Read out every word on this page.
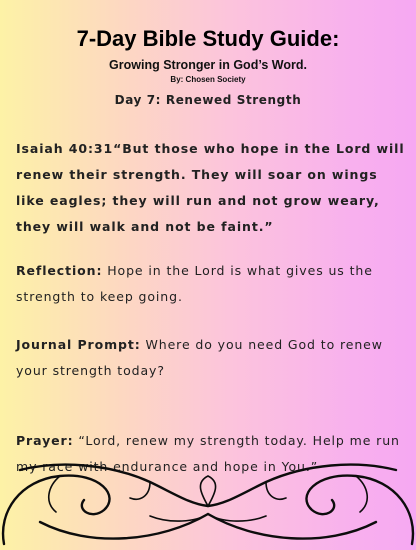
7-Day Bible Study Guide:
Growing Stronger in God’s Word.
By: Chosen Society
Day 7: Renewed Strength
Isaiah 40:31“But those who hope in the Lord will renew their strength. They will soar on wings like eagles; they will run and not grow weary, they will walk and not be faint.”
Reflection: Hope in the Lord is what gives us the strength to keep going.
Journal Prompt: Where do you need God to renew your strength today?
Prayer: “Lord, renew my strength today. Help me run my race with endurance and hope in You.”
